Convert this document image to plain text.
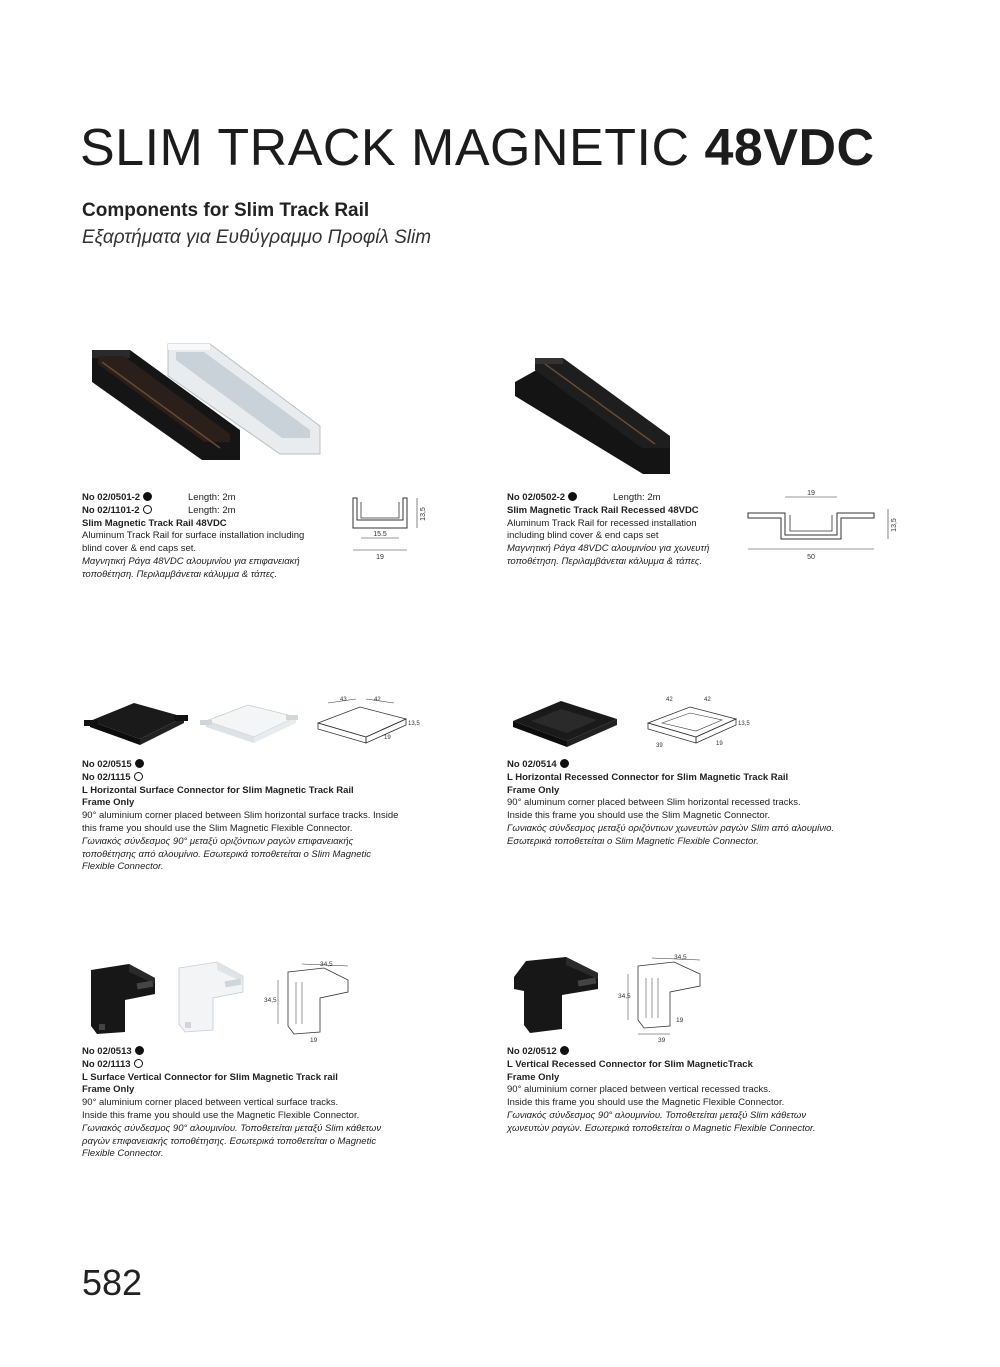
SLIM TRACK MAGNETIC 48VDC
Components for Slim Track Rail
Εξαρτήματα για Ευθύγραμμο Προφίλ Slim
13,5
15.5
19
No 02/0501-2	Length: 2m
No 02/1101-2	Length: 2m
Slim Magnetic Track Rail 48VDC
Aluminum Track Rail for surface installation including
blind cover & end caps set.
Μαγνητική Ράγα 48VDC αλουμινίου για επιφανειακή
τοποθέτηση. Περιλαμβάνεται κάλυμμα & τάπες.
19
13,5
50
No 02/0502-2	Length: 2m
Slim Magnetic Track Rail Recessed 48VDC
Aluminum Track Rail for recessed installation
including blind cover & end caps set
Μαγνητική Ράγα 48VDC αλουμινίου για χωνευτή
τοποθέτηση. Περιλαμβάνεται κάλυμμα & τάπες.
43	42
13,5
19
No 02/0515
No 02/1115
L Horizontal Surface Connector for Slim Magnetic Track Rail
Frame Only
90° aluminium corner placed between Slim horizontal surface tracks. Inside
this frame you should use the Slim Magnetic Flexible Connector.
Γωνιακός σύνδεσμος 90° μεταξύ οριζόντιων ραγών επιφανειακής
τοποθέτησης από αλουμίνιο. Εσωτερικά τοποθετείται ο Slim Magnetic
Flexible Connector.
42	42
13,5
39	19
No 02/0514
L Horizontal Recessed Connector for Slim Magnetic Track Rail
Frame Only
90° aluminum corner placed between Slim horizontal recessed tracks.
Inside this frame you should use the Slim Magnetic Connector.
Γωνιακός σύνδεσμος μεταξύ οριζόντιων χωνευτών ραγών Slim από αλουμίνιο.
Εσωτερικά τοποθετείται ο Slim Magnetic Flexible Connector.
34,5
34,5
19
No 02/0513
No 02/1113
L Surface Vertical Connector for Slim Magnetic Track rail
Frame Only
90° aluminium corner placed between vertical surface tracks.
Inside this frame you should use the Magnetic Flexible Connector.
Γωνιακός σύνδεσμος 90° αλουμινίου. Τοποθετείται μεταξύ Slim κάθετων
ραγών επιφανειακής τοποθέτησης. Εσωτερικά τοποθετείται ο Magnetic
Flexible Connector.
34,5
34,5
19
39
No 02/0512
L Vertical Recessed Connector for Slim MagneticTrack
Frame Only
90° aluminium corner placed between vertical recessed tracks.
Inside this frame you should use the Magnetic Flexible Connector.
Γωνιακός σύνδεσμος 90° αλουμινίου. Τοποθετείται μεταξύ Slim κάθετων
χωνευτών ραγών. Εσωτερικά τοποθετείται ο Magnetic Flexible Connector.
582
